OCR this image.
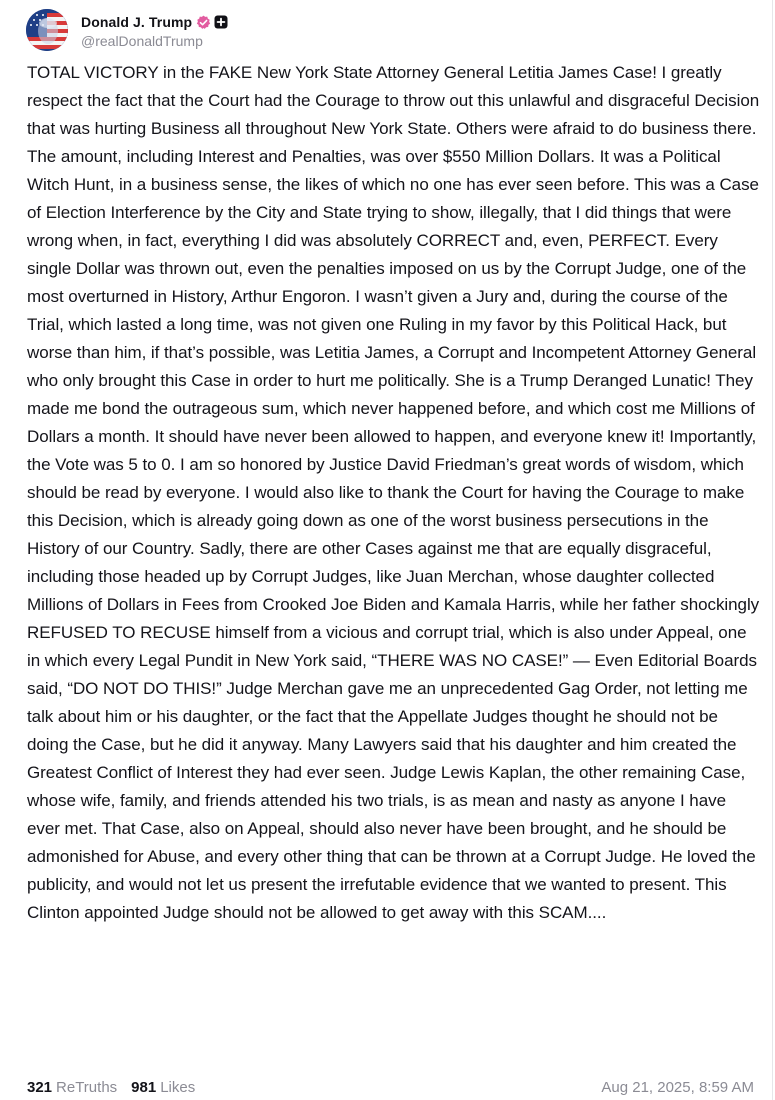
Donald J. Trump
@realDonaldTrump
TOTAL VICTORY in the FAKE New York State Attorney General Letitia James Case! I greatly respect the fact that the Court had the Courage to throw out this unlawful and disgraceful Decision that was hurting Business all throughout New York State. Others were afraid to do business there. The amount, including Interest and Penalties, was over $550 Million Dollars. It was a Political Witch Hunt, in a business sense, the likes of which no one has ever seen before. This was a Case of Election Interference by the City and State trying to show, illegally, that I did things that were wrong when, in fact, everything I did was absolutely CORRECT and, even, PERFECT. Every single Dollar was thrown out, even the penalties imposed on us by the Corrupt Judge, one of the most overturned in History, Arthur Engoron. I wasn’t given a Jury and, during the course of the Trial, which lasted a long time, was not given one Ruling in my favor by this Political Hack, but worse than him, if that’s possible, was Letitia James, a Corrupt and Incompetent Attorney General who only brought this Case in order to hurt me politically. She is a Trump Deranged Lunatic! They made me bond the outrageous sum, which never happened before, and which cost me Millions of Dollars a month. It should have never been allowed to happen, and everyone knew it! Importantly, the Vote was 5 to 0. I am so honored by Justice David Friedman’s great words of wisdom, which should be read by everyone. I would also like to thank the Court for having the Courage to make this Decision, which is already going down as one of the worst business persecutions in the History of our Country. Sadly, there are other Cases against me that are equally disgraceful, including those headed up by Corrupt Judges, like Juan Merchan, whose daughter collected Millions of Dollars in Fees from Crooked Joe Biden and Kamala Harris, while her father shockingly REFUSED TO RECUSE himself from a vicious and corrupt trial, which is also under Appeal, one in which every Legal Pundit in New York said, “THERE WAS NO CASE!” — Even Editorial Boards said, “DO NOT DO THIS!” Judge Merchan gave me an unprecedented Gag Order, not letting me talk about him or his daughter, or the fact that the Appellate Judges thought he should not be doing the Case, but he did it anyway. Many Lawyers said that his daughter and him created the Greatest Conflict of Interest they had ever seen. Judge Lewis Kaplan, the other remaining Case, whose wife, family, and friends attended his two trials, is as mean and nasty as anyone I have ever met. That Case, also on Appeal, should also never have been brought, and he should be admonished for Abuse, and every other thing that can be thrown at a Corrupt Judge. He loved the publicity, and would not let us present the irrefutable evidence that we wanted to present. This Clinton appointed Judge should not be allowed to get away with this SCAM....
321 ReTruths 981 Likes	Aug 21, 2025, 8:59 AM
